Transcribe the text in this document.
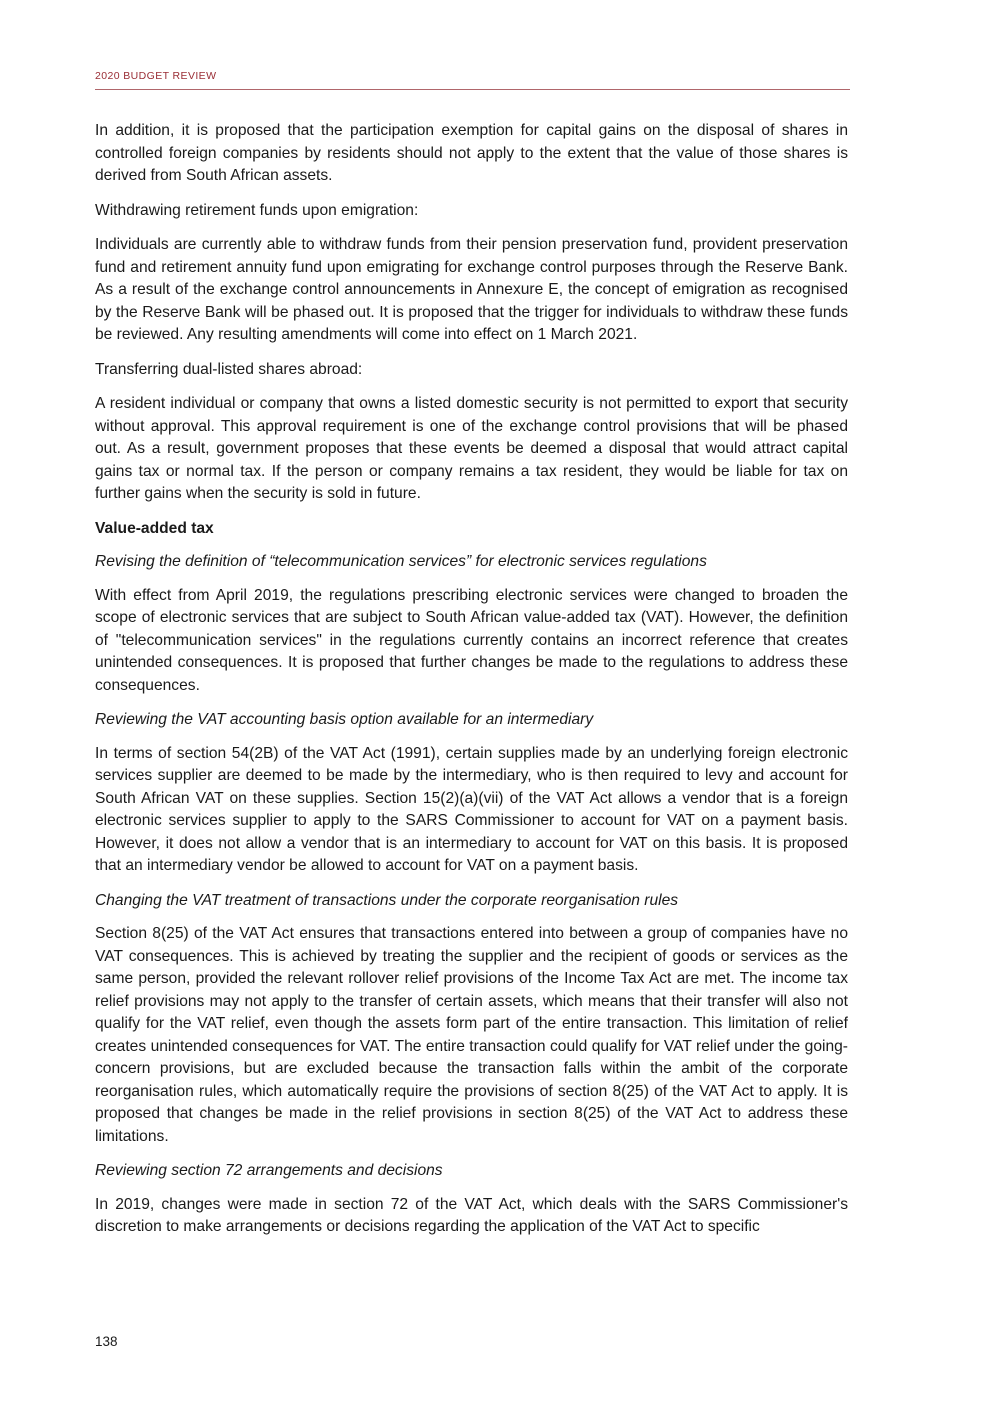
2020 BUDGET REVIEW

In addition, it is proposed that the participation exemption for capital gains on the disposal of shares in controlled foreign companies by residents should not apply to the extent that the value of those shares is derived from South African assets.

Withdrawing retirement funds upon emigration:

Individuals are currently able to withdraw funds from their pension preservation fund, provident preservation fund and retirement annuity fund upon emigrating for exchange control purposes through the Reserve Bank. As a result of the exchange control announcements in Annexure E, the concept of emigration as recognised by the Reserve Bank will be phased out. It is proposed that the trigger for individuals to withdraw these funds be reviewed. Any resulting amendments will come into effect on 1 March 2021.

Transferring dual-listed shares abroad:

A resident individual or company that owns a listed domestic security is not permitted to export that security without approval. This approval requirement is one of the exchange control provisions that will be phased out. As a result, government proposes that these events be deemed a disposal that would attract capital gains tax or normal tax. If the person or company remains a tax resident, they would be liable for tax on further gains when the security is sold in future.

Value-added tax
Revising the definition of “telecommunication services” for electronic services regulations

With effect from April 2019, the regulations prescribing electronic services were changed to broaden the scope of electronic services that are subject to South African value-added tax (VAT). However, the definition of "telecommunication services" in the regulations currently contains an incorrect reference that creates unintended consequences. It is proposed that further changes be made to the regulations to address these consequences.

Reviewing the VAT accounting basis option available for an intermediary

In terms of section 54(2B) of the VAT Act (1991), certain supplies made by an underlying foreign electronic services supplier are deemed to be made by the intermediary, who is then required to levy and account for South African VAT on these supplies. Section 15(2)(a)(vii) of the VAT Act allows a vendor that is a foreign electronic services supplier to apply to the SARS Commissioner to account for VAT on a payment basis. However, it does not allow a vendor that is an intermediary to account for VAT on this basis. It is proposed that an intermediary vendor be allowed to account for VAT on a payment basis.

Changing the VAT treatment of transactions under the corporate reorganisation rules

Section 8(25) of the VAT Act ensures that transactions entered into between a group of companies have no VAT consequences. This is achieved by treating the supplier and the recipient of goods or services as the same person, provided the relevant rollover relief provisions of the Income Tax Act are met. The income tax relief provisions may not apply to the transfer of certain assets, which means that their transfer will also not qualify for the VAT relief, even though the assets form part of the entire transaction. This limitation of relief creates unintended consequences for VAT. The entire transaction could qualify for VAT relief under the going-concern provisions, but are excluded because the transaction falls within the ambit of the corporate reorganisation rules, which automatically require the provisions of section 8(25) of the VAT Act to apply. It is proposed that changes be made in the relief provisions in section 8(25) of the VAT Act to address these limitations.

Reviewing section 72 arrangements and decisions

In 2019, changes were made in section 72 of the VAT Act, which deals with the SARS Commissioner's discretion to make arrangements or decisions regarding the application of the VAT Act to specific

138
